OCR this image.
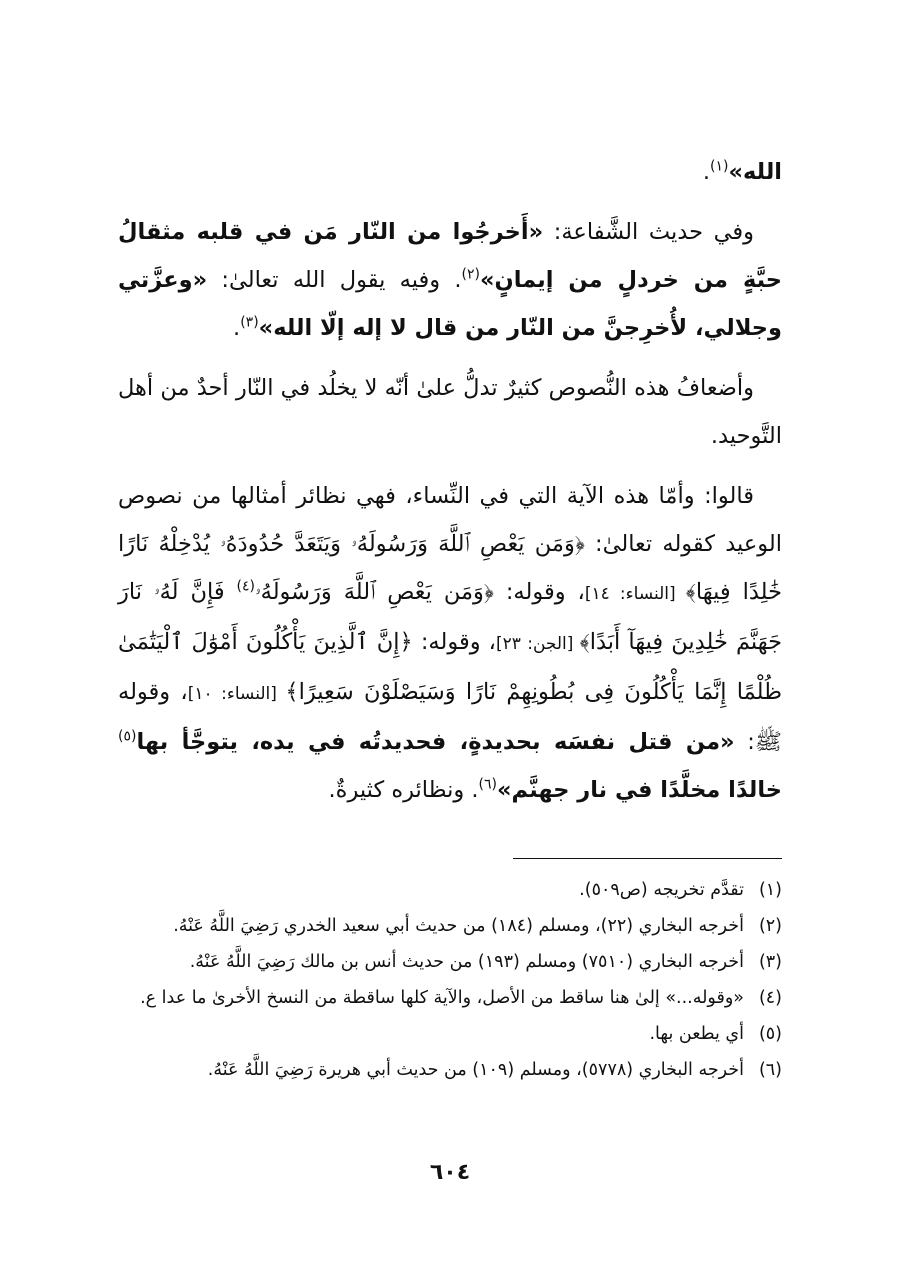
الله»$^{(١)}$.

وفي حديث الشَّفاعة: «أَخرجُوا من النّار مَن في قلبه مثقالُ حبَّةٍ من خردلٍ من إيمانٍ»$^{(٢)}$. وفيه يقول الله تعالىٰ: «وعزَّتي وجلالي، لأُخرِجنَّ من النّار من قال لا إله إلّا الله»$^{(٣)}$.

وأضعافُ هذه النُّصوص كثيرٌ تدلُّ علىٰ أنّه لا يخلُد في النّار أحدٌ من أهل التَّوحيد.

قالوا: وأمّا هذه الآية التي في النِّساء، فهي نظائر أمثالها من نصوص الوعيد كقوله تعالىٰ: ﴿وَمَن يَعْصِ ٱللَّهَ وَرَسُولَهُۥ وَيَتَعَدَّ حُدُودَهُۥ يُدْخِلْهُ نَارًا خَٰلِدًا فِيهَا﴾ [النساء: ١٤]، وقوله: ﴿وَمَن يَعْصِ ٱللَّهَ وَرَسُولَهُۥ$^{(٤)}$ فَإِنَّ لَهُۥ نَارَ جَهَنَّمَ خَٰلِدِينَ فِيهَآ أَبَدًا﴾ [الجن: ٢٣]، وقوله: ﴿إِنَّ ٱلَّذِينَ يَأْكُلُونَ أَمْوَٰلَ ٱلْيَتَٰمَىٰ ظُلْمًا إِنَّمَا يَأْكُلُونَ فِى بُطُونِهِمْ نَارًا وَسَيَصْلَوْنَ سَعِيرًا﴾ [النساء: ١٠]، وقوله ﷺ: «من قتل نفسَه بحديدةٍ، فحديدتُه في يده، يتوجَّأ بها$^{(٥)}$ خالدًا مخلَّدًا في نار جهنَّم»$^{(٦)}$. ونظائره كثيرةٌ.

(١)
تقدَّم تخريجه (ص٥٠٩).
(٢)
أخرجه البخاري (٢٢)، ومسلم (١٨٤) من حديث أبي سعيد الخدري رَضِيَ اللَّهُ عَنْهُ.
(٣)
أخرجه البخاري (٧٥١٠) ومسلم (١٩٣) من حديث أنس بن مالك رَضِيَ اللَّهُ عَنْهُ.
(٤)
«وقوله...» إلىٰ هنا ساقط من الأصل، والآية كلها ساقطة من النسخ الأخرىٰ ما عدا ع.
(٥)
أي يطعن بها.
(٦)
أخرجه البخاري (٥٧٧٨)، ومسلم (١٠٩) من حديث أبي هريرة رَضِيَ اللَّهُ عَنْهُ.
٦٠٤
